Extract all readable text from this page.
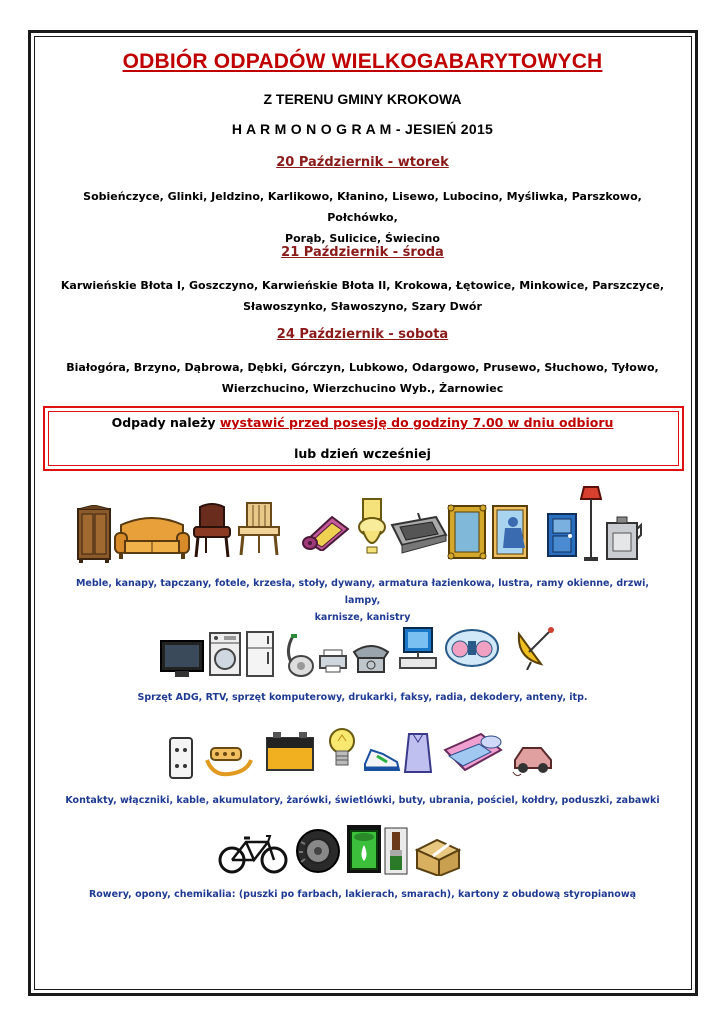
ODBIÓR ODPADÓW WIELKOGABARYTOWYCH
Z TERENU GMINY KROKOWA
H A R M O N O G R A M - JESIEŃ 2015
20 Październik - wtorek
Sobieńczyce, Glinki, Jeldzino, Karlikowo, Kłanino, Lisewo, Lubocino, Myśliwka, Parszkowo, Połchówko,
Porąb, Sulicice, Świecino
21 Październik - środa
Karwieńskie Błota I, Goszczyno, Karwieńskie Błota II, Krokowa, Łętowice, Minkowice, Parszczyce,
Sławoszynko, Sławoszyno, Szary Dwór
24 Październik - sobota
Białogóra, Brzyno, Dąbrowa, Dębki, Górczyn, Lubkowo, Odargowo, Prusewo, Słuchowo, Tyłowo,
Wierzchucino, Wierzchucino Wyb., Żarnowiec
Odpady należy wystawić przed posesję do godziny 7.00 w dniu odbioru
lub dzień wcześniej
Meble, kanapy, tapczany, fotele, krzesła, stoły, dywany, armatura łazienkowa, lustra, ramy okienne, drzwi, lampy,
karnisze, kanistry
Sprzęt ADG, RTV, sprzęt komputerowy, drukarki, faksy, radia, dekodery, anteny, itp.
Kontakty, włączniki, kable, akumulatory, żarówki, świetlówki, buty, ubrania, pościel, kołdry, poduszki, zabawki
Rowery, opony, chemikalia: (puszki po farbach, lakierach, smarach), kartony z obudową styropianową
